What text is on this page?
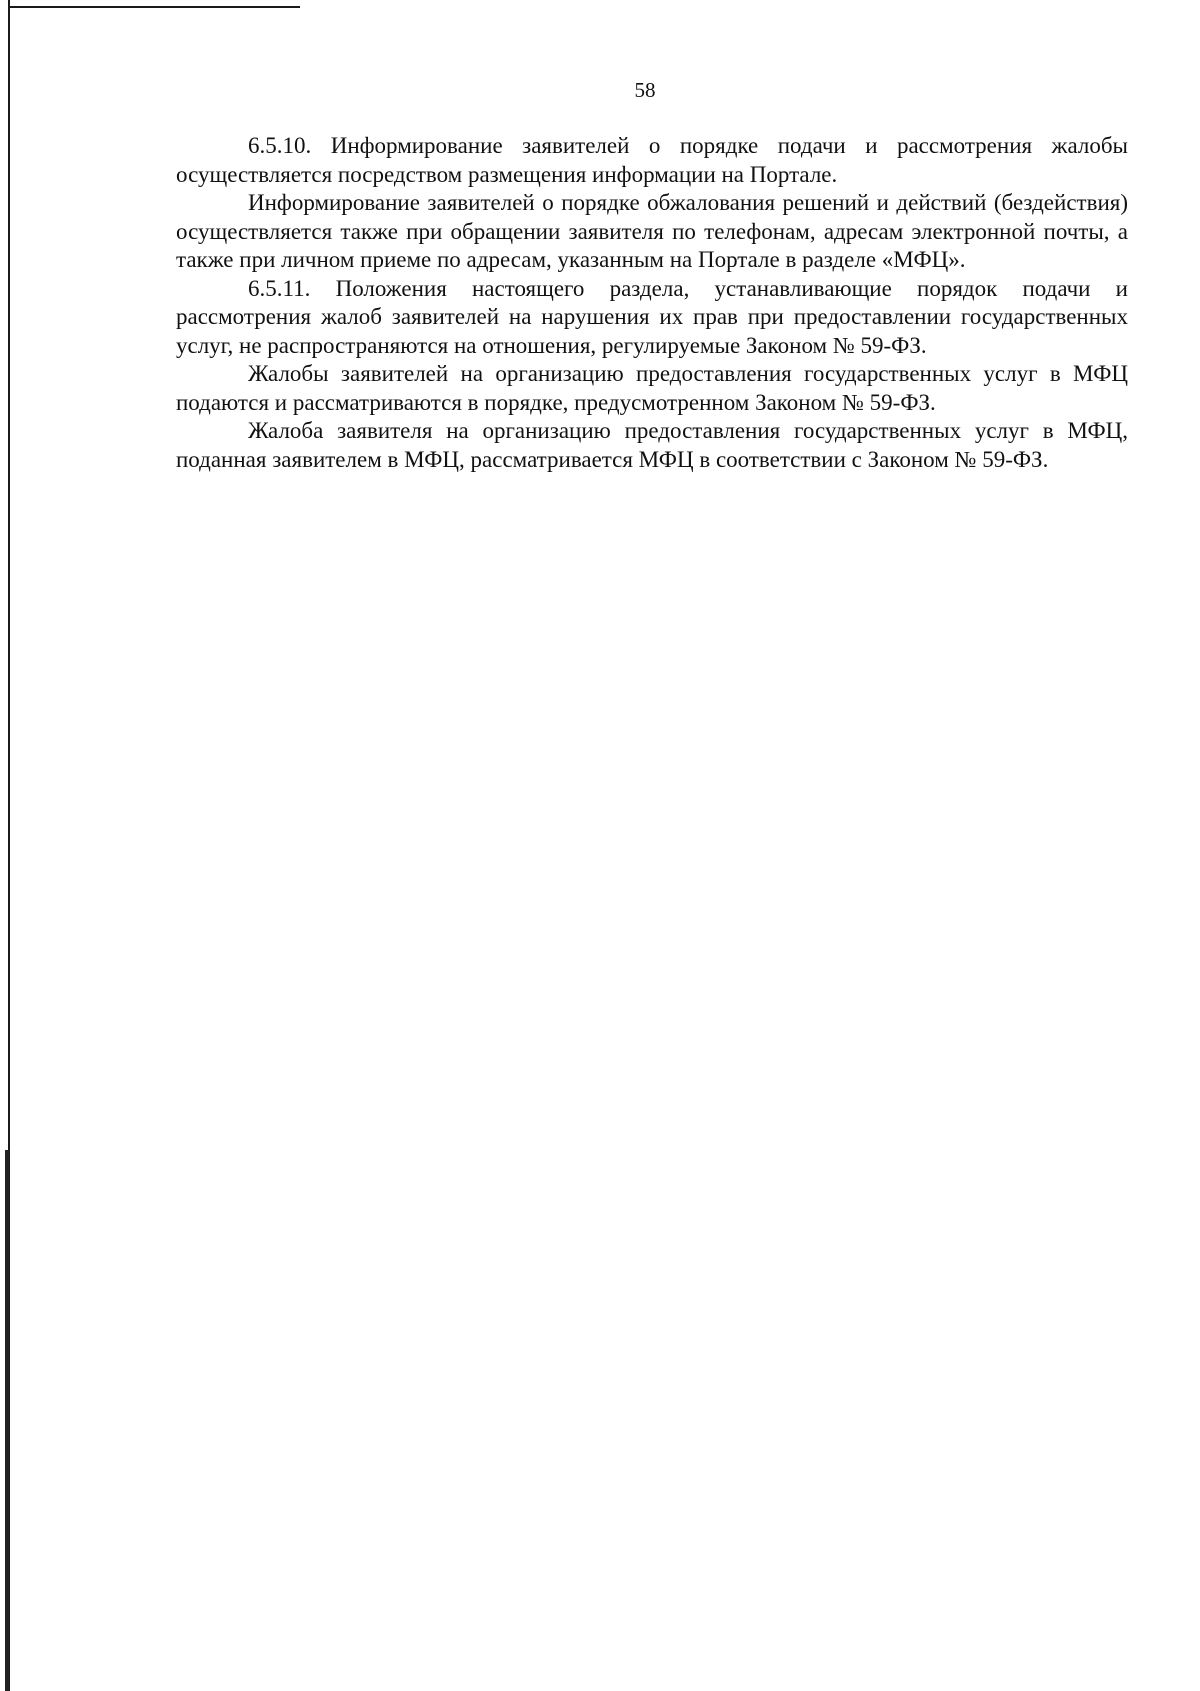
58

6.5.10. Информирование заявителей о порядке подачи и рассмотрения жалобы осуществляется посредством размещения информации на Портале.

Информирование заявителей о порядке обжалования решений и действий (бездействия) осуществляется также при обращении заявителя по телефонам, адресам электронной почты, а также при личном приеме по адресам, указанным на Портале в разделе «МФЦ».

6.5.11. Положения настоящего раздела, устанавливающие порядок подачи и рассмотрения жалоб заявителей на нарушения их прав при предоставлении государственных услуг, не распространяются на отношения, регулируемые Законом № 59-ФЗ.

Жалобы заявителей на организацию предоставления государственных услуг в МФЦ подаются и рассматриваются в порядке, предусмотренном Законом № 59-ФЗ.

Жалоба заявителя на организацию предоставления государственных услуг в МФЦ, поданная заявителем в МФЦ, рассматривается МФЦ в соответствии с Законом № 59-ФЗ.
